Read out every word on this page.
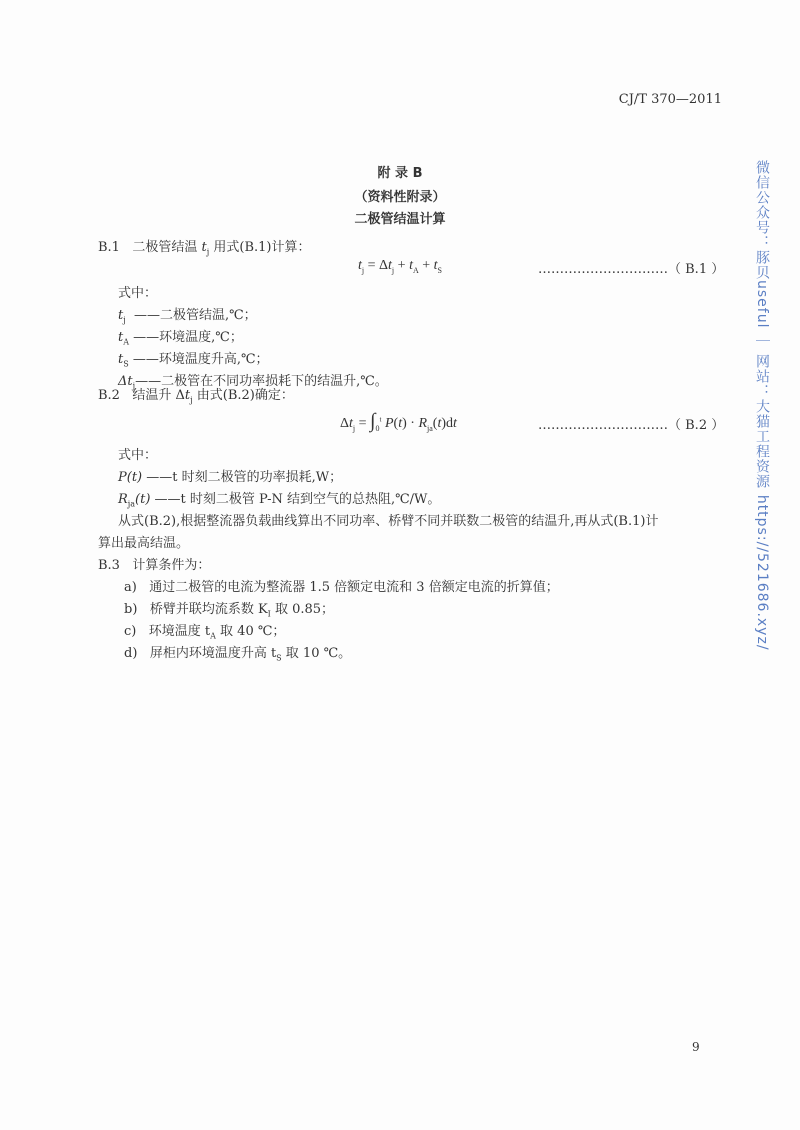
CJ/T 370—2011
附 录 B
（资料性附录）
二极管结温计算
B.1 二极管结温 $t_j$ 用式(B.1)计算：
$t_j = \Delta t_j + t_A + t_S$	…………………………（ B.1 ）
式中：
$t_j$ ——二极管结温,℃；
$t_A$ ——环境温度,℃；
$t_S$ ——环境温度升高,℃；
$\Delta t_j——$二极管在不同功率损耗下的结温升,℃。
B.2 结温升 $\Delta t_j$ 由式(B.2)确定：
$\Delta t_j = \int_0^t$ $P(t) \cdot R_{ja}(t)dt$	…………………………（ B.2 ）
式中：
P(t) ——t 时刻二极管的功率损耗,W；
$R_{ja}(t)$ ——t 时刻二极管 P-N 结到空气的总热阻,℃/W。
从式(B.2),根据整流器负载曲线算出不同功率、桥臂不同并联数二极管的结温升,再从式(B.1)计
算出最高结温。
B.3 计算条件为：
a) 通过二极管的电流为整流器 1.5 倍额定电流和 3 倍额定电流的折算值；
b) 桥臂并联均流系数 $K_I$ 取 0.85；
c) 环境温度 $t_A$ 取 40 ℃；
d) 屏柜内环境温度升高 $t_S$ 取 10 ℃。
9
微信公众号：豚贝useful ｜ 网站：大猫工程资源 https://521686.xyz/
